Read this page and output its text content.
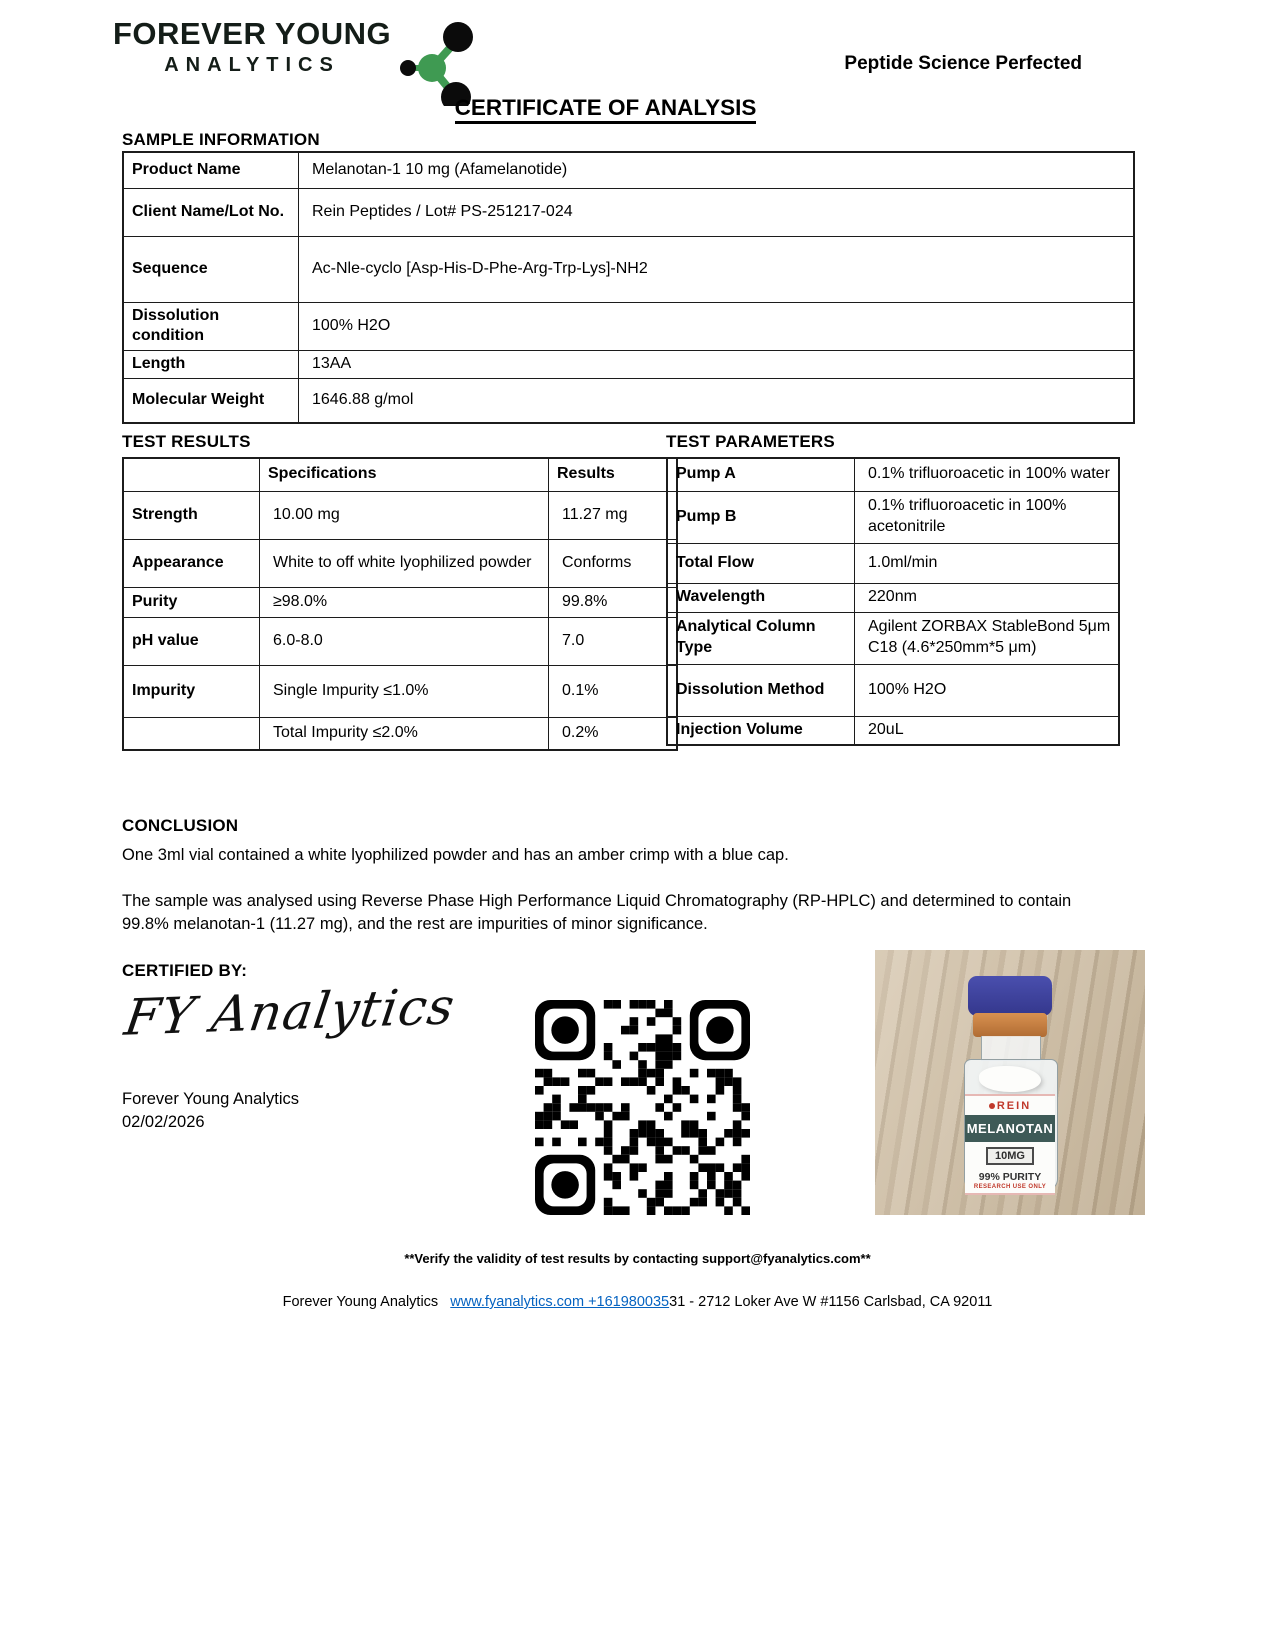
FOREVER YOUNG
ANALYTICS	Peptide Science Perfected
CERTIFICATE OF ANALYSIS
SAMPLE INFORMATION
Product Name	Melanotan-1 10 mg (Afamelanotide)
Client Name/Lot No.	Rein Peptides / Lot# PS-251217-024
Sequence	Ac-Nle-cyclo [Asp-His-D-Phe-Arg-Trp-Lys]-NH2
Dissolution condition	100% H2O
Length	13AA
Molecular Weight	1646.88 g/mol
TEST RESULTS
	Specifications	Results
Strength	10.00 mg	11.27 mg
Appearance	White to off white lyophilized powder	Conforms
Purity	≥98.0%	99.8%
pH value	6.0-8.0	7.0
Impurity	Single Impurity ≤1.0%	0.1%
	Total Impurity ≤2.0%	0.2%
TEST PARAMETERS
Pump A	0.1% trifluoroacetic in 100% water
Pump B	0.1% trifluoroacetic in 100% acetonitrile
Total Flow	1.0ml/min
Wavelength	220nm
Analytical Column Type	Agilent ZORBAX StableBond 5μm C18 (4.6*250mm*5 μm)
Dissolution Method	100% H2O
Injection Volume	20uL
CONCLUSION
One 3ml vial contained a white lyophilized powder and has an amber crimp with a blue cap.
The sample was analysed using Reverse Phase High Performance Liquid Chromatography (RP-HPLC) and determined to contain 99.8% melanotan-1 (11.27 mg), and the rest are impurities of minor significance.
CERTIFIED BY:
FY Analytics
Forever Young Analytics
02/02/2026
REIN
MELANOTAN
10MG
99% PURITY
RESEARCH USE ONLY
**Verify the validity of test results by contacting support@fyanalytics.com**
Forever Young Analytics www.fyanalytics.com +16198003531 - 2712 Loker Ave W #1156 Carlsbad, CA 92011
